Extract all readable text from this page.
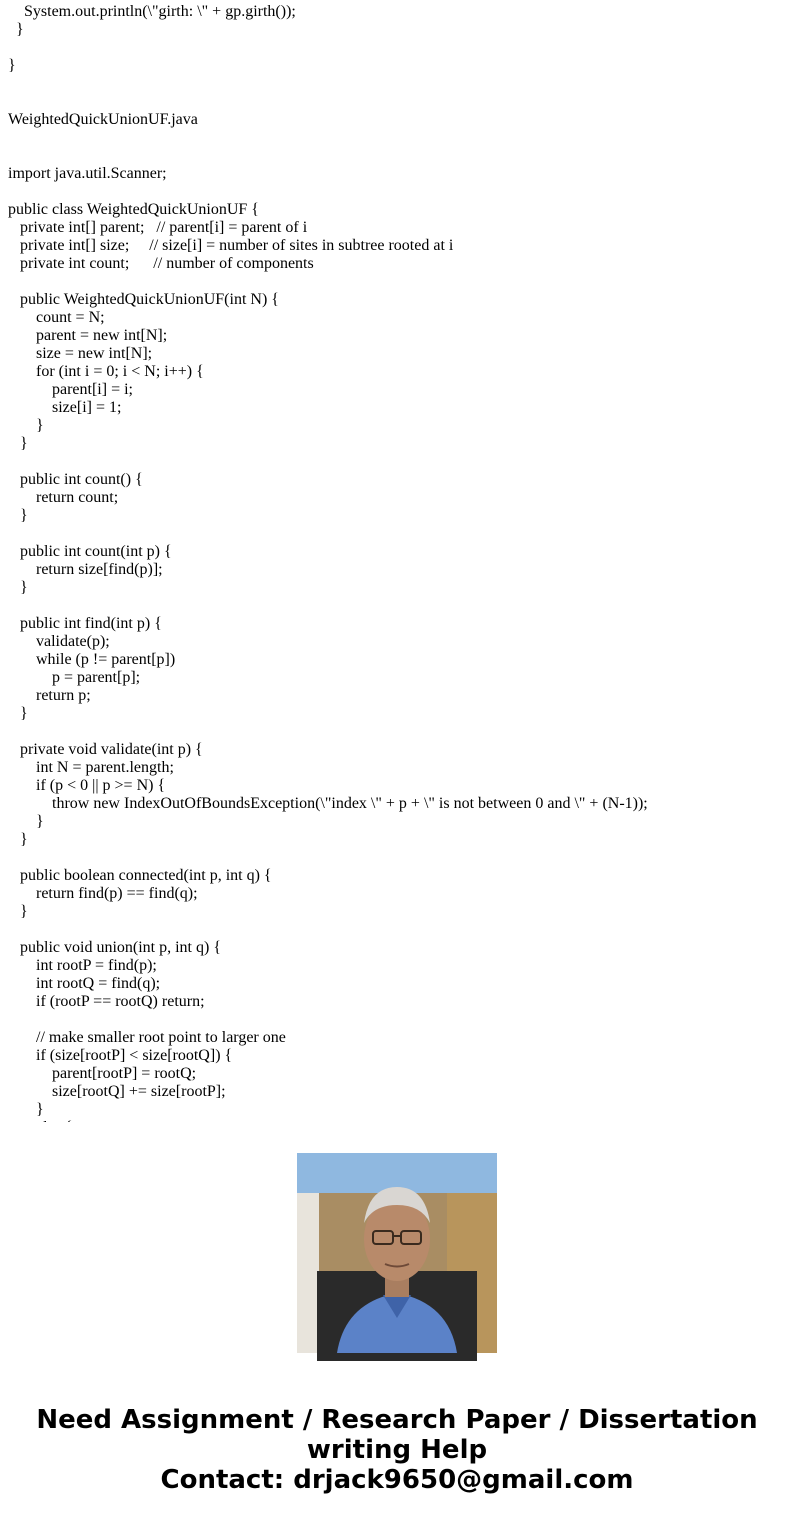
System.out.println(\"girth: \" + gp.girth());
}
}
WeightedQuickUnionUF.java
import java.util.Scanner;
public class WeightedQuickUnionUF {
private int[] parent;   // parent[i] = parent of i
private int[] size;     // size[i] = number of sites in subtree rooted at i
private int count;      // number of components
public WeightedQuickUnionUF(int N) {
count = N;
parent = new int[N];
size = new int[N];
for (int i = 0; i < N; i++) {
parent[i] = i;
size[i] = 1;
}
}
public int count() {
return count;
}
public int count(int p) {
return size[find(p)];
}
public int find(int p) {
validate(p);
while (p != parent[p])
p = parent[p];
return p;
}
private void validate(int p) {
int N = parent.length;
if (p < 0 || p >= N) {
throw new IndexOutOfBoundsException(\"index \" + p + \" is not between 0 and \" + (N-1));
}
}
public boolean connected(int p, int q) {
return find(p) == find(q);
}
public void union(int p, int q) {
int rootP = find(p);
int rootQ = find(q);
if (rootP == rootQ) return;
// make smaller root point to larger one
if (size[rootP] < size[rootQ]) {
parent[rootP] = rootQ;
size[rootQ] += size[rootP];
}
Need Assignment / Research Paper / Dissertation
writing Help
Contact: drjack9650@gmail.com
